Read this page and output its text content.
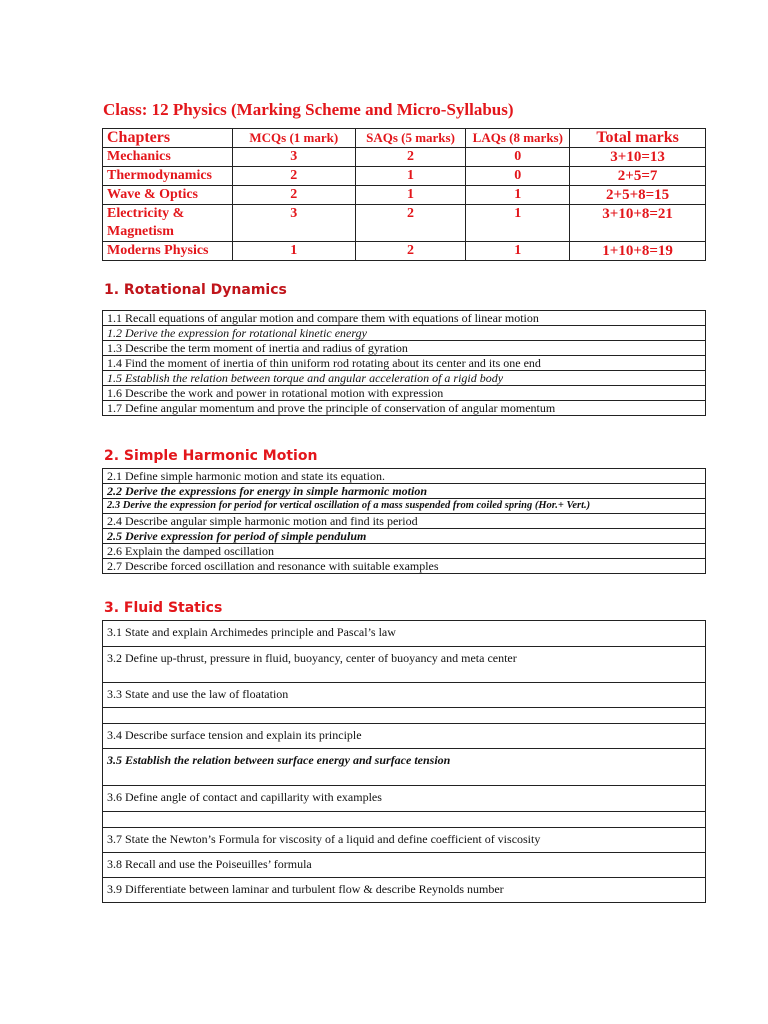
Class: 12 Physics (Marking Scheme and Micro-Syllabus)
Chapters	MCQs (1 mark)	SAQs (5 marks)	LAQs (8 marks)	Total marks
Mechanics	3	2	0	3+10=13
Thermodynamics	2	1	0	2+5=7
Wave & Optics	2	1	1	2+5+8=15
Electricity & Magnetism	3	2	1	3+10+8=21
Moderns Physics	1	2	1	1+10+8=19
1. Rotational Dynamics
1.1 Recall equations of angular motion and compare them with equations of linear motion
1.2 Derive the expression for rotational kinetic energy
1.3 Describe the term moment of inertia and radius of gyration
1.4 Find the moment of inertia of thin uniform rod rotating about its center and its one end
1.5 Establish the relation between torque and angular acceleration of a rigid body
1.6 Describe the work and power in rotational motion with expression
1.7 Define angular momentum and prove the principle of conservation of angular momentum
2. Simple Harmonic Motion
2.1 Define simple harmonic motion and state its equation.
2.2 Derive the expressions for energy in simple harmonic motion
2.3 Derive the expression for period for vertical oscillation of a mass suspended from coiled spring (Hor.+ Vert.)
2.4 Describe angular simple harmonic motion and find its period
2.5 Derive expression for period of simple pendulum
2.6 Explain the damped oscillation
2.7 Describe forced oscillation and resonance with suitable examples
3. Fluid Statics
3.1 State and explain Archimedes principle and Pascal’s law
3.2 Define up-thrust, pressure in fluid, buoyancy, center of buoyancy and meta center
3.3 State and use the law of floatation

3.4 Describe surface tension and explain its principle
3.5 Establish the relation between surface energy and surface tension
3.6 Define angle of contact and capillarity with examples

3.7 State the Newton’s Formula for viscosity of a liquid and define coefficient of viscosity
3.8 Recall and use the Poiseuilles’ formula
3.9 Differentiate between laminar and turbulent flow & describe Reynolds number
